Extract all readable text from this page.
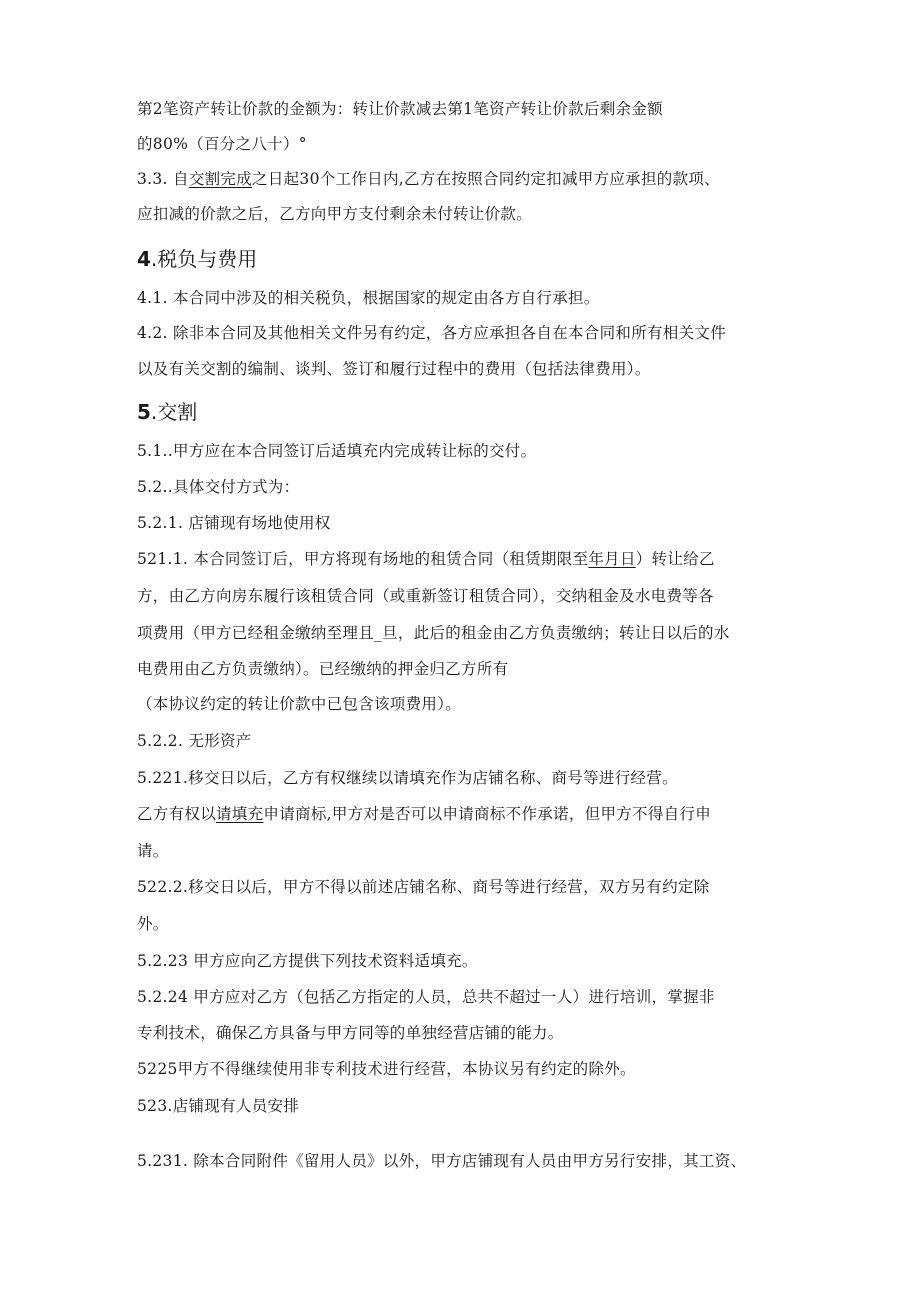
第2笔资产转让价款的金额为：转让价款减去第1笔资产转让价款后剩余金额
的80%（百分之八十）°
3.3. 自交割完成之日起30个工作日内,乙方在按照合同约定扣减甲方应承担的款项、
应扣减的价款之后，乙方向甲方支付剩余未付转让价款。
4.税负与费用
4.1. 本合同中涉及的相关税负，根据国家的规定由各方自行承担。
4.2. 除非本合同及其他相关文件另有约定，各方应承担各自在本合同和所有相关文件
以及有关交割的编制、谈判、签订和履行过程中的费用（包括法律费用）。
5.交割
5.1..甲方应在本合同签订后适填充内完成转让标的交付。
5.2..具体交付方式为：
5.2.1. 店铺现有场地使用权
521.1. 本合同签订后，甲方将现有场地的租赁合同（租赁期限至年月日）转让给乙
方，由乙方向房东履行该租赁合同（或重新签订租赁合同），交纳租金及水电费等各
项费用（甲方已经租金缴纳至理且_旦，此后的租金由乙方负责缴纳；转让日以后的水
电费用由乙方负责缴纳）。已经缴纳的押金归乙方所有
（本协议约定的转让价款中已包含该项费用）。
5.2.2. 无形资产
5.221.移交日以后，乙方有权继续以请填充作为店铺名称、商号等进行经营。
乙方有权以请填充申请商标,甲方对是否可以申请商标不作承诺，但甲方不得自行申
请。
522.2.移交日以后，甲方不得以前述店铺名称、商号等进行经营，双方另有约定除
外。
5.2.23 甲方应向乙方提供下列技术资料适填充。
5.2.24 甲方应对乙方（包括乙方指定的人员，总共不超过一人）进行培训，掌握非
专利技术，确保乙方具备与甲方同等的单独经营店铺的能力。
5225甲方不得继续使用非专利技术进行经营，本协议另有约定的除外。
523.店铺现有人员安排
5.231. 除本合同附件《留用人员》以外，甲方店铺现有人员由甲方另行安排，其工资、
